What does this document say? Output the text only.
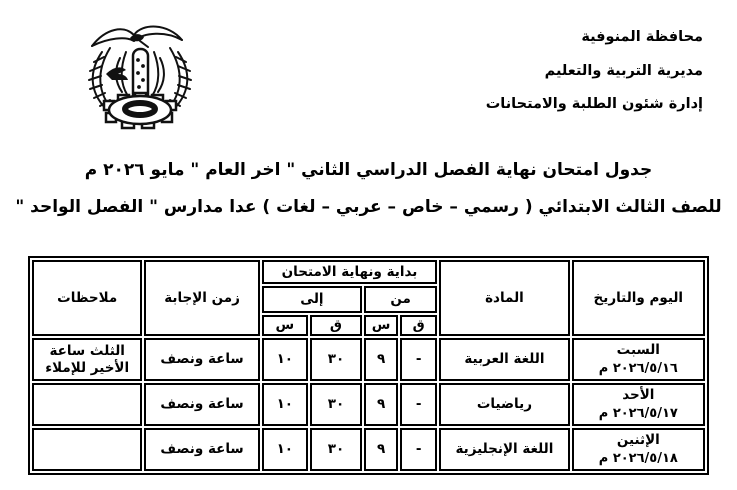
محافظة المنوفية
مديرية التربية والتعليم
إدارة شئون الطلبة والامتحانات
جدول امتحان نهاية الفصل الدراسي الثاني " اخر العام " مايو ٢٠٢٦ م
للصف الثالث الابتدائي ( رسمي – خاص – عربي – لغات ) عدا مدارس " الفصل الواحد "
اليوم والتاريخ	المادة	بداية ونهاية الامتحان				زمن الإجابة	ملاحظات
		من		إلى			
		ق	س	ق	س		

السبت
٢٠٢٦/٥/١٦ م	اللغة العربية	-	٩	٣٠	١٠	ساعة ونصف	الثلث ساعة الأخير للإملاء

الأحد
٢٠٢٦/٥/١٧ م	رياضيات	-	٩	٣٠	١٠	ساعة ونصف	

الإثنين
٢٠٢٦/٥/١٨ م	اللغة الإنجليزية	-	٩	٣٠	١٠	ساعة ونصف	
